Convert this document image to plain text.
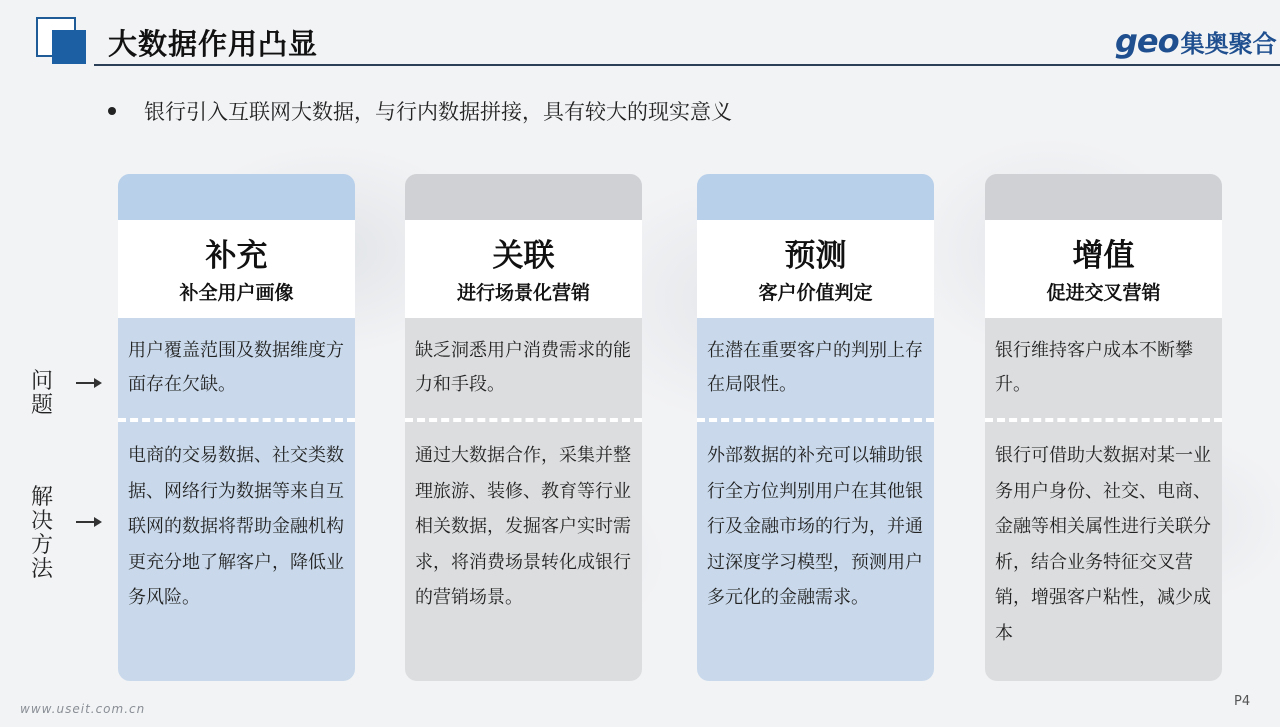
大数据作用凸显	geo 集奥聚合
银行引入互联网大数据，与行内数据拼接，具有较大的现实意义
问题
解决方法
补充
补全用户画像
用户覆盖范围及数据维度方面存在欠缺。
电商的交易数据、社交类数据、网络行为数据等来自互联网的数据将帮助金融机构更充分地了解客户，降低业务风险。
关联
进行场景化营销
缺乏洞悉用户消费需求的能力和手段。
通过大数据合作，采集并整理旅游、装修、教育等行业相关数据，发掘客户实时需求，将消费场景转化成银行的营销场景。
预测
客户价值判定
在潜在重要客户的判别上存在局限性。
外部数据的补充可以辅助银行全方位判别用户在其他银行及金融市场的行为，并通过深度学习模型，预测用户多元化的金融需求。
增值
促进交叉营销
银行维持客户成本不断攀升。
银行可借助大数据对某一业务用户身份、社交、电商、金融等相关属性进行关联分析，结合业务特征交叉营销，增强客户粘性，减少成本
P4
www.useit.com.cn
